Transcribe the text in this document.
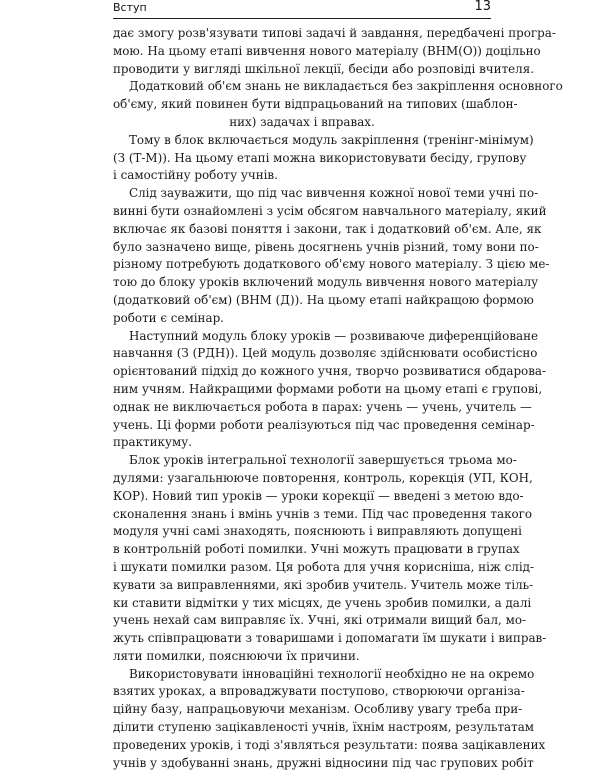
Вступ	13
дає змогу розв'язувати типові задачі й завдання, передбачені програ-
мою. На цьому етапі вивчення нового матеріалу (ВНМ(О)) доцільно
проводити у вигляді шкільної лекції, бесіди або розповіді вчителя.
Додатковий об'єм знань не викладається без закріплення основного
об'єму, який повинен бути відпрацьований на типових (шаблон-
них) задачах і вправах.
Тому в блок включається модуль закріплення (тренінг-мінімум)
(З (Т-М)). На цьому етапі можна використовувати бесіду, групову
і самостійну роботу учнів.
Слід зауважити, що під час вивчення кожної нової теми учні по-
винні бути ознайомлені з усім обсягом навчального матеріалу, який
включає як базові поняття і закони, так і додатковий об'єм. Але, як
було зазначено вище, рівень досягнень учнів різний, тому вони по-
різному потребують додаткового об'єму нового матеріалу. З цією ме-
тою до блоку уроків включений модуль вивчення нового матеріалу
(додатковий об'єм) (ВНМ (Д)). На цьому етапі найкращою формою
роботи є семінар.
Наступний модуль блоку уроків — розвиваюче диференційоване
навчання (З (РДН)). Цей модуль дозволяє здійснювати особистісно
орієнтований підхід до кожного учня, творчо розвиватися обдарова-
ним учням. Найкращими формами роботи на цьому етапі є групові,
однак не виключається робота в парах: учень — учень, учитель —
учень. Ці форми роботи реалізуються під час проведення семінар-
практикуму.
Блок уроків інтегральної технології завершується трьома мо-
дулями: узагальнюючe повторення, контроль, корекція (УП, КОН,
КОР). Новий тип уроків — уроки корекції — введені з метою вдо-
сконалення знань і вмінь учнів з теми. Під час проведення такого
модуля учні самі знаходять, пояснюють і виправляють допущені
в контрольній роботі помилки. Учні можуть працювати в групах
і шукати помилки разом. Ця робота для учня корисніша, ніж слід-
кувати за виправленнями, які зробив учитель. Учитель може тіль-
ки ставити відмітки у тих місцях, де учень зробив помилки, а далі
учень нехай сам виправляє їх. Учні, які отримали вищий бал, мо-
жуть співпрацювати з товаришами і допомагати їм шукати і виправ-
ляти помилки, пояснюючи їх причини.
Використовувати інноваційні технології необхідно не на окремо
взятих уроках, а впроваджувати поступово, створюючи організа-
ційну базу, напрацьовуючи механізм. Особливу увагу треба при-
ділити ступеню зацікавленості учнів, їхнім настроям, результатам
проведених уроків, і тоді з'являться результати: поява зацікавлених
учнів у здобуванні знань, дружні відносини під час групових робіт
